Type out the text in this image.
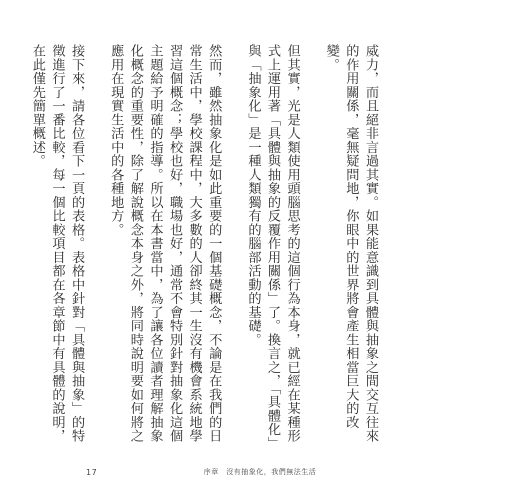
威力，而且絕非言過其實。如果能意識到具體與抽象之間交互往來的作用關係，毫無疑問地，你眼中的世界將會產生相當巨大的改變。

但其實，光是人類使用頭腦思考的這個行為本身，就已經在某種形式上運用著「具體與抽象的反覆作用關係」了。換言之，「具體化」與「抽象化」是一種人類獨有的腦部活動的基礎。

然而，雖然抽象化是如此重要的一個基礎概念，不論是在我們的日常生活中，學校課程中，大多數的人卻終其一生沒有機會系統地學習這個概念；學校也好，職場也好，通常不會特別針對抽象化這個主題給予明確的指導。所以在本書當中，為了讓各位讀者理解抽象化概念的重要性，除了解說概念本身之外，將同時說明要如何將之應用在現實生活中的各種地方。

接下來，請各位看下一頁的表格。表格中針對「具體與抽象」的特徵進行了一番比較，每一個比較項目都在各章節中有具體的說明，在此僅先簡單概述。

17	序章　沒有抽象化，我們無法生活
